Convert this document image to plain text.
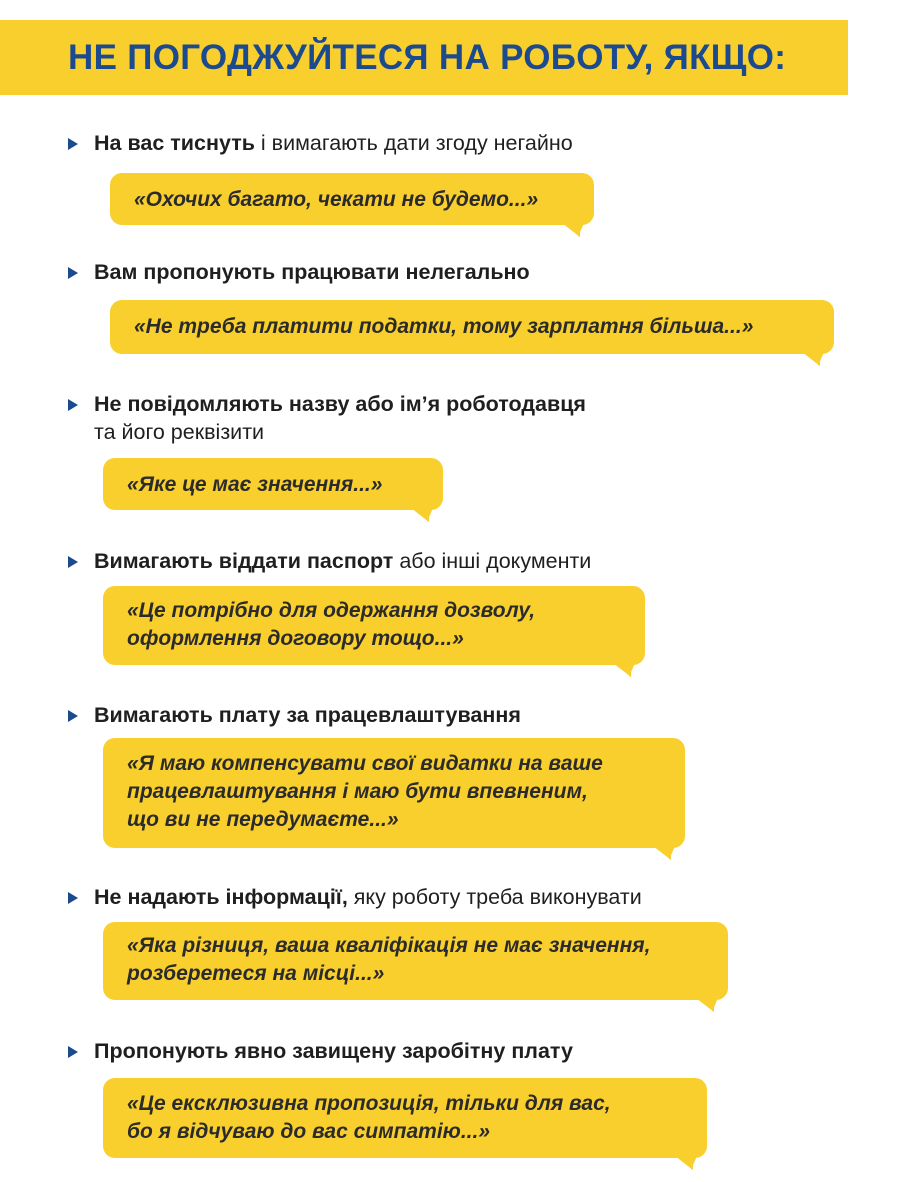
НЕ ПОГОДЖУЙТЕСЯ НА РОБОТУ, ЯКЩО:
На вас тиснуть і вимагають дати згоду негайно
«Охочих багато, чекати не будемо...»
Вам пропонують працювати нелегально
«Не треба платити податки, тому зарплатня більша...»
Не повідомляють назву або ім’я роботодавця
та його реквізити
«Яке це має значення...»
Вимагають віддати паспорт або інші документи
«Це потрібно для одержання дозволу,
оформлення договору тощо...»
Вимагають плату за працевлаштування
«Я маю компенсувати свої видатки на ваше
працевлаштування і маю бути впевненим,
що ви не передумаєте...»
Не надають інформації, яку роботу треба виконувати
«Яка різниця, ваша кваліфікація не має значення,
розберетеся на місці...»
Пропонують явно завищену заробітну плату
«Це ексклюзивна пропозиція, тільки для вас,
бо я відчуваю до вас симпатію...»
